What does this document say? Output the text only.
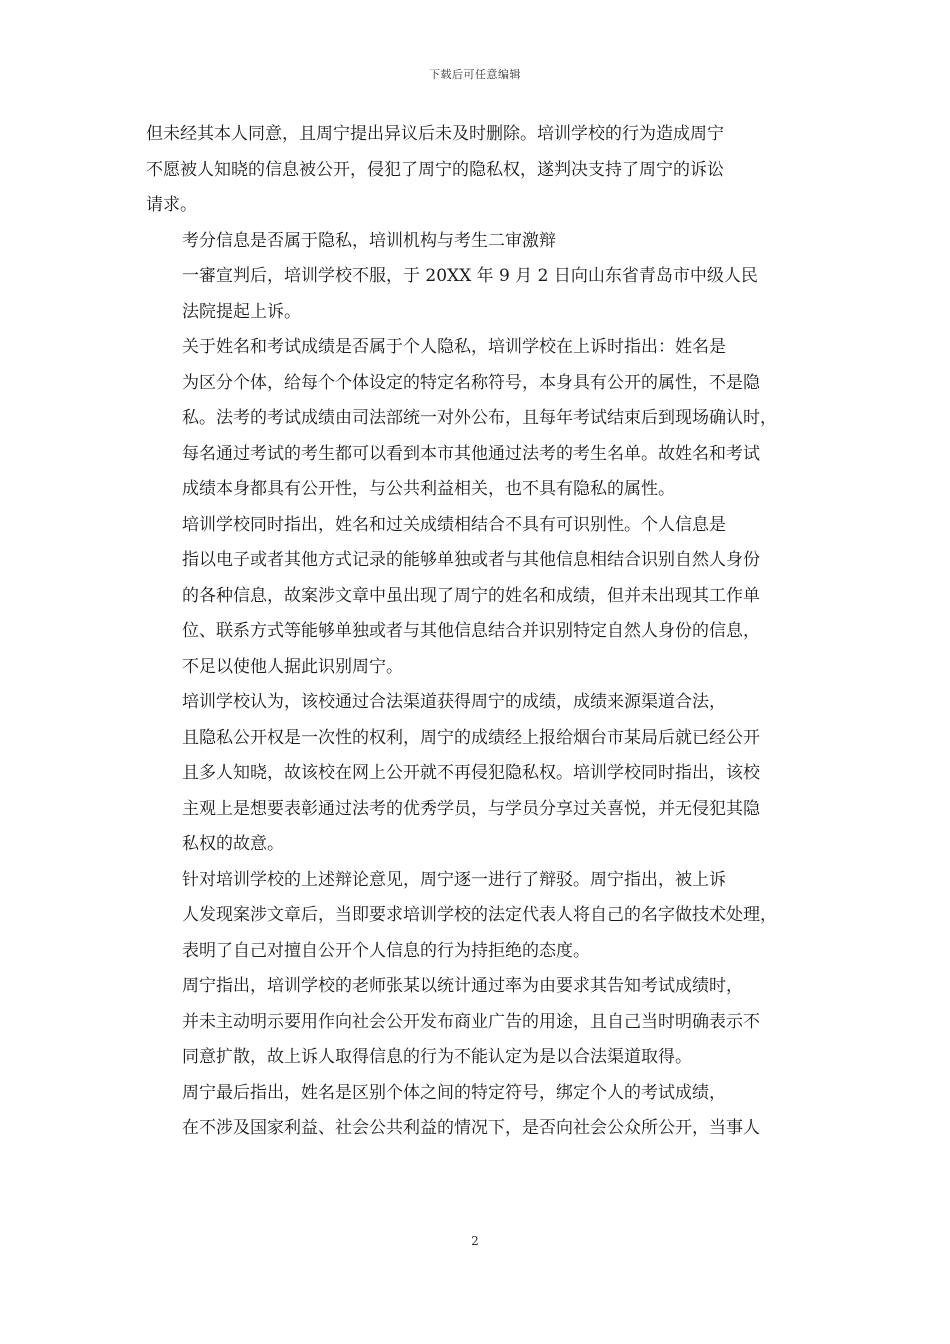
下载后可任意编辑

但未经其本人同意，且周宁提出异议后未及时删除。培训学校的行为造成周宁
不愿被人知晓的信息被公开，侵犯了周宁的隐私权，遂判决支持了周宁的诉讼
请求。

考分信息是否属于隐私，培训机构与考生二审激辩

一審宣判后，培训学校不服，于 20XX 年 9 月 2 日向山东省青岛市中级人民
法院提起上诉。

关于姓名和考试成绩是否属于个人隐私，培训学校在上诉时指出：姓名是
为区分个体，给每个个体设定的特定名称符号，本身具有公开的属性，不是隐
私。法考的考试成绩由司法部统一对外公布，且每年考试结束后到现场确认时，
每名通过考试的考生都可以看到本市其他通过法考的考生名单。故姓名和考试
成绩本身都具有公开性，与公共利益相关，也不具有隐私的属性。

培训学校同时指出，姓名和过关成绩相结合不具有可识别性。个人信息是
指以电子或者其他方式记录的能够单独或者与其他信息相结合识别自然人身份
的各种信息，故案涉文章中虽出现了周宁的姓名和成绩，但并未出现其工作单
位、联系方式等能够单独或者与其他信息结合并识别特定自然人身份的信息，
不足以使他人据此识别周宁。

培训学校认为，该校通过合法渠道获得周宁的成绩，成绩来源渠道合法，
且隐私公开权是一次性的权利，周宁的成绩经上报给烟台市某局后就已经公开
且多人知晓，故该校在网上公开就不再侵犯隐私权。培训学校同时指出，该校
主观上是想要表彰通过法考的优秀学员，与学员分享过关喜悦，并无侵犯其隐
私权的故意。

针对培训学校的上述辩论意见，周宁逐一进行了辩驳。周宁指出，被上诉
人发现案涉文章后，当即要求培训学校的法定代表人将自己的名字做技术处理，
表明了自己对擅自公开个人信息的行为持拒绝的态度。

周宁指出，培训学校的老师张某以统计通过率为由要求其告知考试成绩时，
并未主动明示要用作向社会公开发布商业广告的用途，且自己当时明确表示不
同意扩散，故上诉人取得信息的行为不能认定为是以合法渠道取得。

周宁最后指出，姓名是区别个体之间的特定符号，绑定个人的考试成绩，
在不涉及国家利益、社会公共利益的情况下，是否向社会公众所公开，当事人

2
